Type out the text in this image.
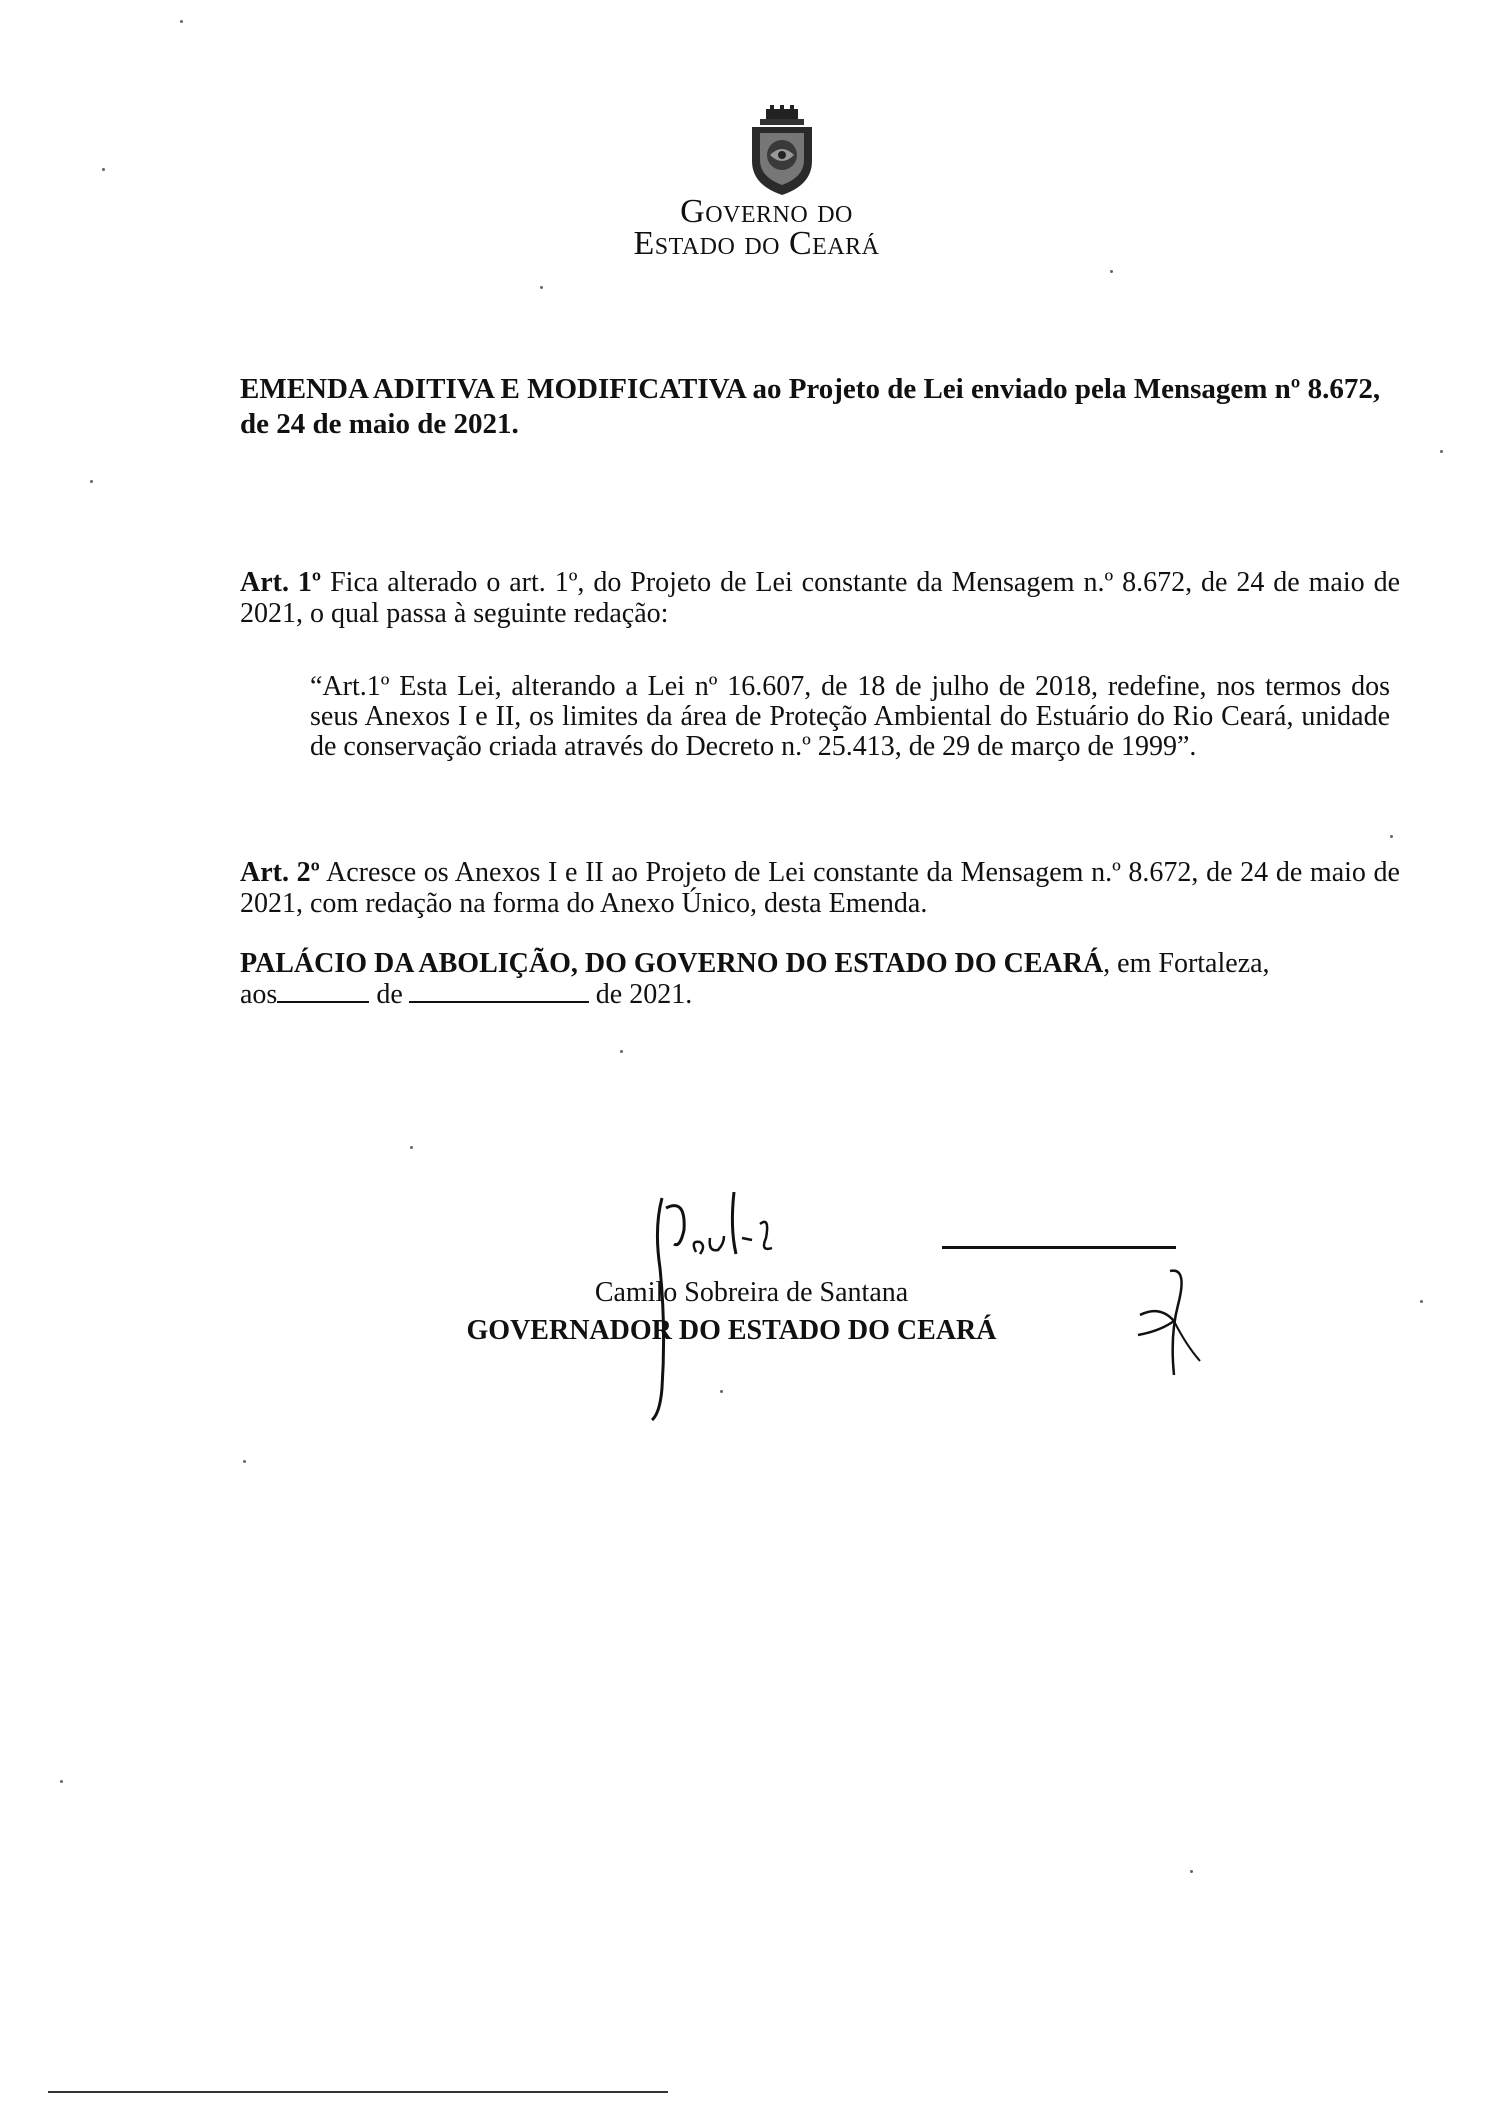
Governo do
Estado do Ceará
EMENDA ADITIVA E MODIFICATIVA ao Projeto de Lei enviado pela Mensagem nº 8.672, de 24 de maio de 2021.
Art. 1º Fica alterado o art. 1º, do Projeto de Lei constante da Mensagem n.º 8.672, de 24 de maio de 2021, o qual passa à seguinte redação:
“Art.1º Esta Lei, alterando a Lei nº 16.607, de 18 de julho de 2018, redefine, nos termos dos seus Anexos I e II, os limites da área de Proteção Ambiental do Estuário do Rio Ceará, unidade de conservação criada através do Decreto n.º 25.413, de 29 de março de 1999”.
Art. 2º Acresce os Anexos I e II ao Projeto de Lei constante da Mensagem n.º 8.672, de 24 de maio de 2021, com redação na forma do Anexo Único, desta Emenda.
PALÁCIO DA ABOLIÇÃO, DO GOVERNO DO ESTADO DO CEARÁ, em Fortaleza,
aos	de	de 2021.
Camilo Sobreira de Santana
GOVERNADOR DO ESTADO DO CEARÁ
